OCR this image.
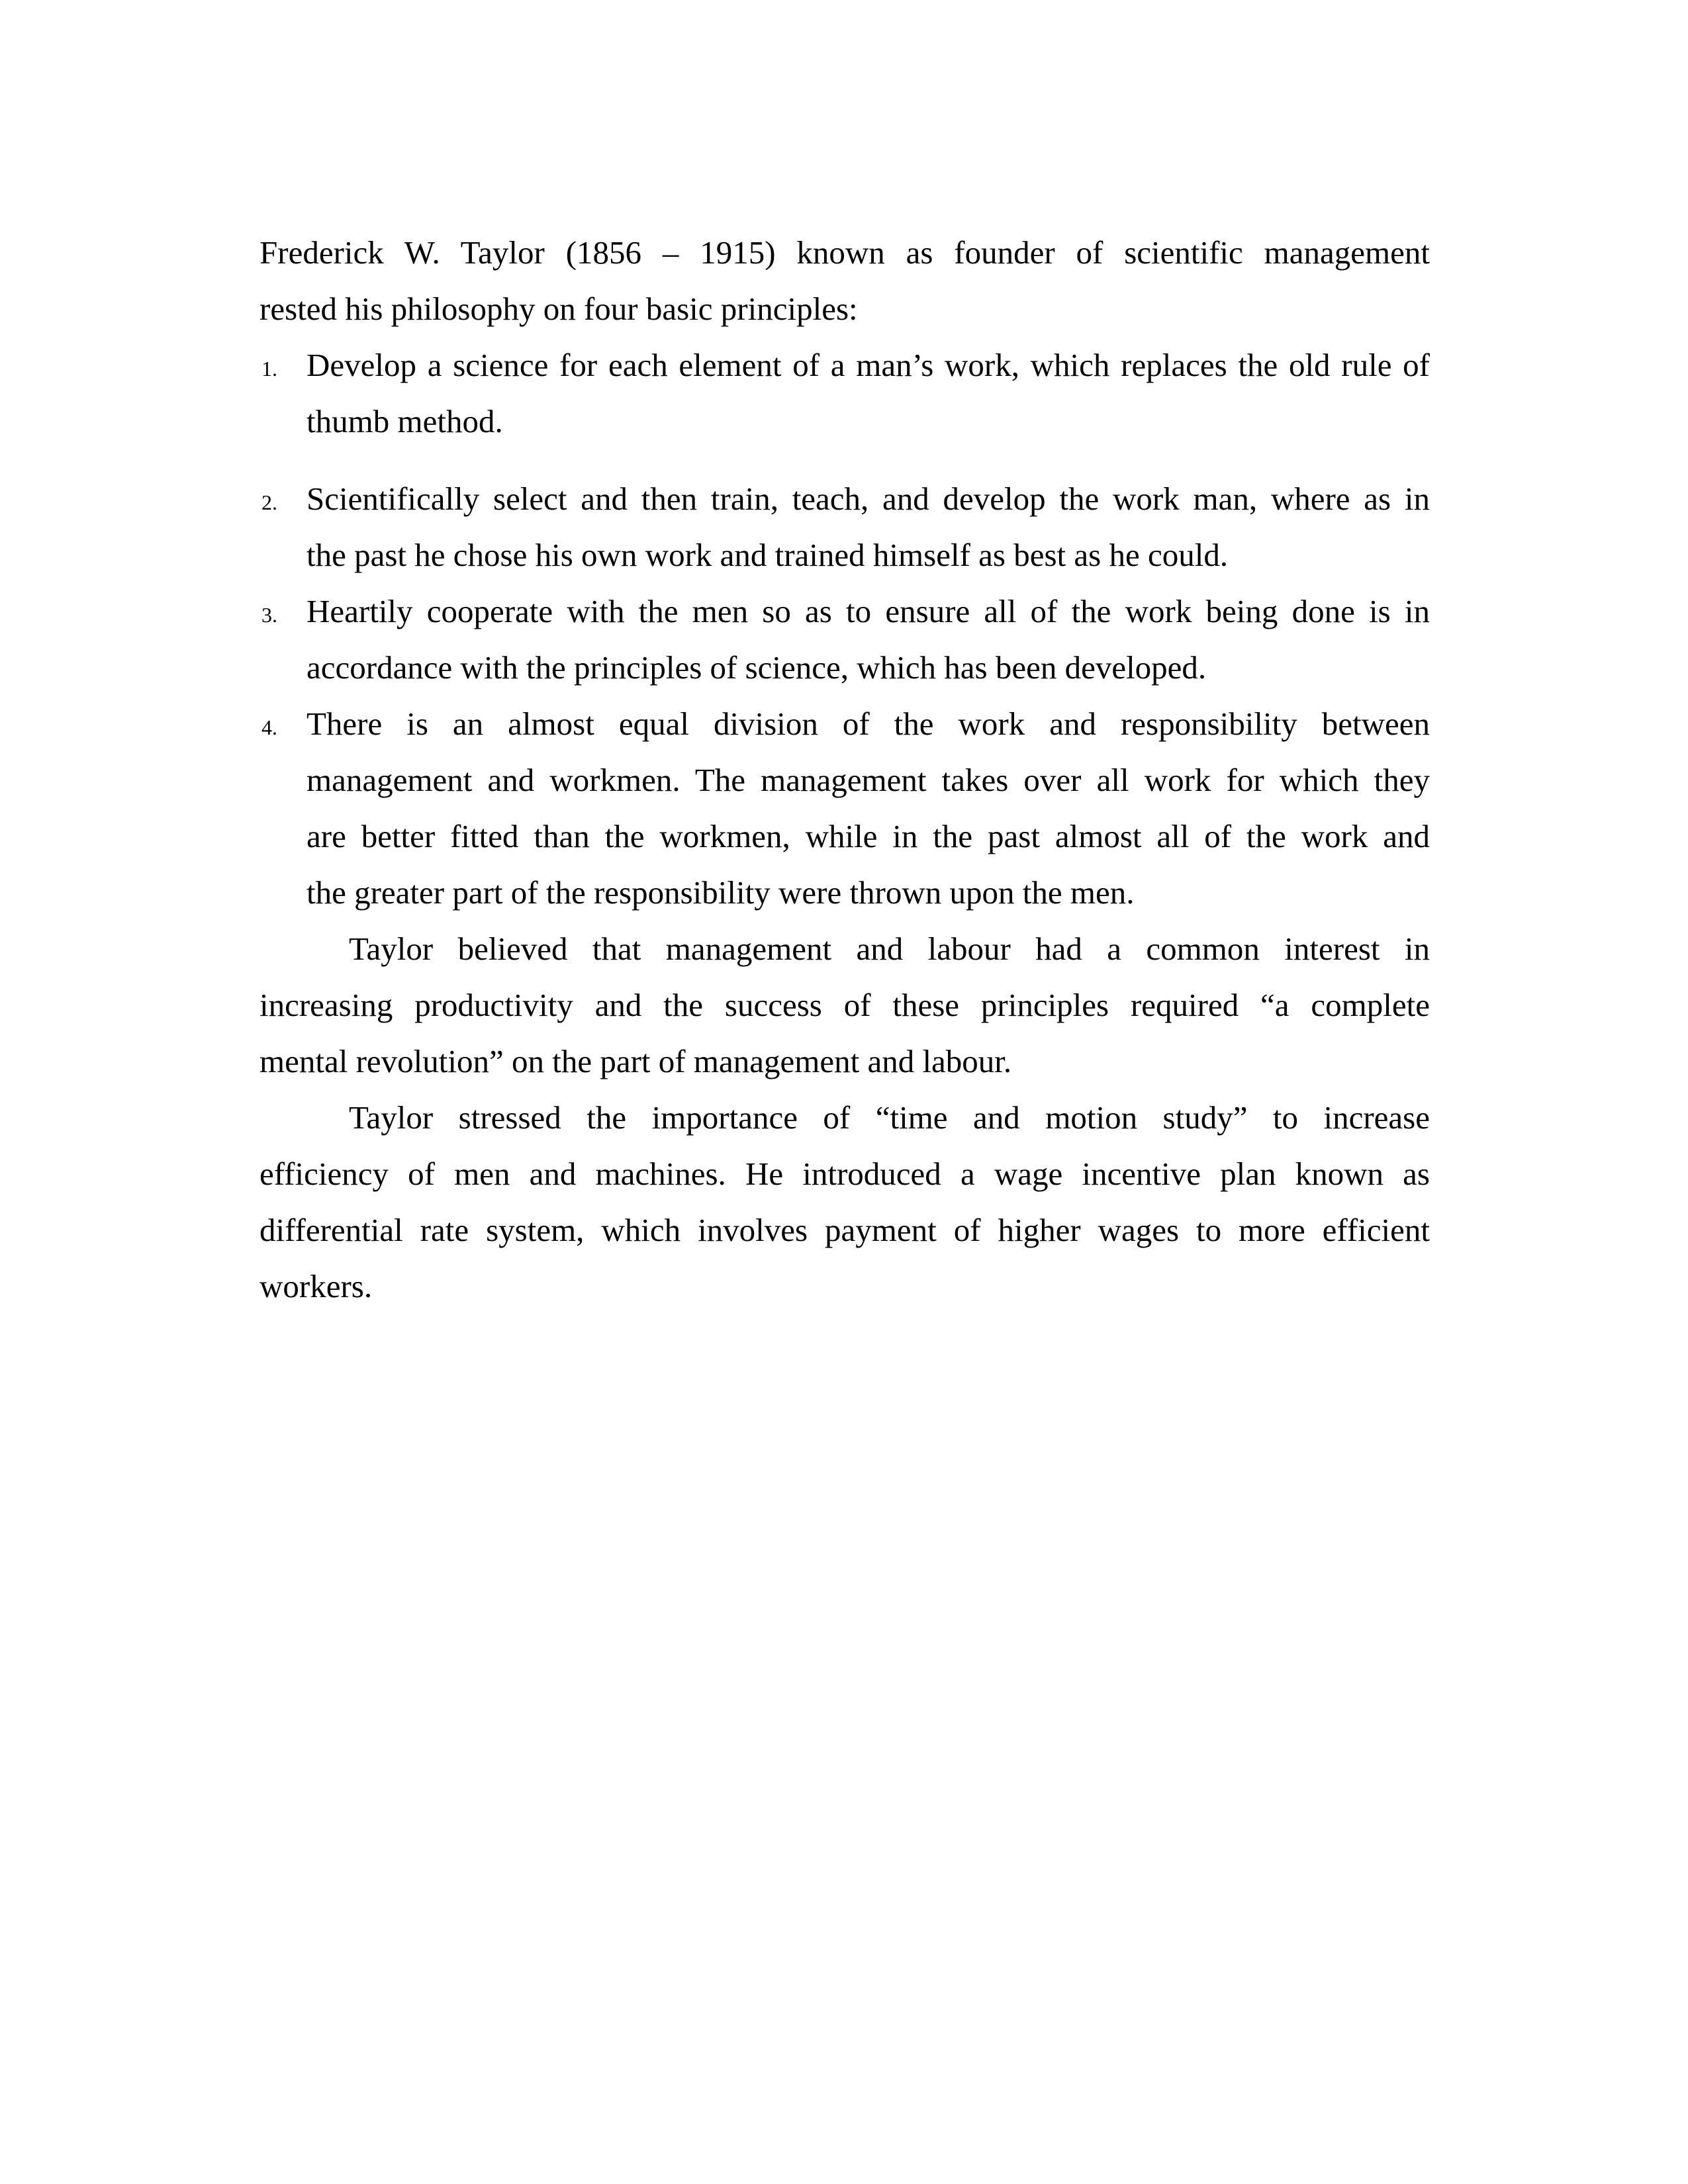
Frederick W. Taylor (1856 – 1915) known as founder of scientific management
rested his philosophy on four basic principles:
1. Develop a science for each element of a man’s work, which replaces the old rule of
thumb method.
2. Scientifically select and then train, teach, and develop the work man, where as in
the past he chose his own work and trained himself as best as he could.
3. Heartily cooperate with the men so as to ensure all of the work being done is in
accordance with the principles of science, which has been developed.
4. There is an almost equal division of the work and responsibility between
management and workmen. The management takes over all work for which they
are better fitted than the workmen, while in the past almost all of the work and
the greater part of the responsibility were thrown upon the men.
Taylor believed that management and labour had a common interest in
increasing productivity and the success of these principles required “a complete
mental revolution” on the part of management and labour.
Taylor stressed the importance of “time and motion study” to increase
efficiency of men and machines. He introduced a wage incentive plan known as
differential rate system, which involves payment of higher wages to more efficient
workers.
